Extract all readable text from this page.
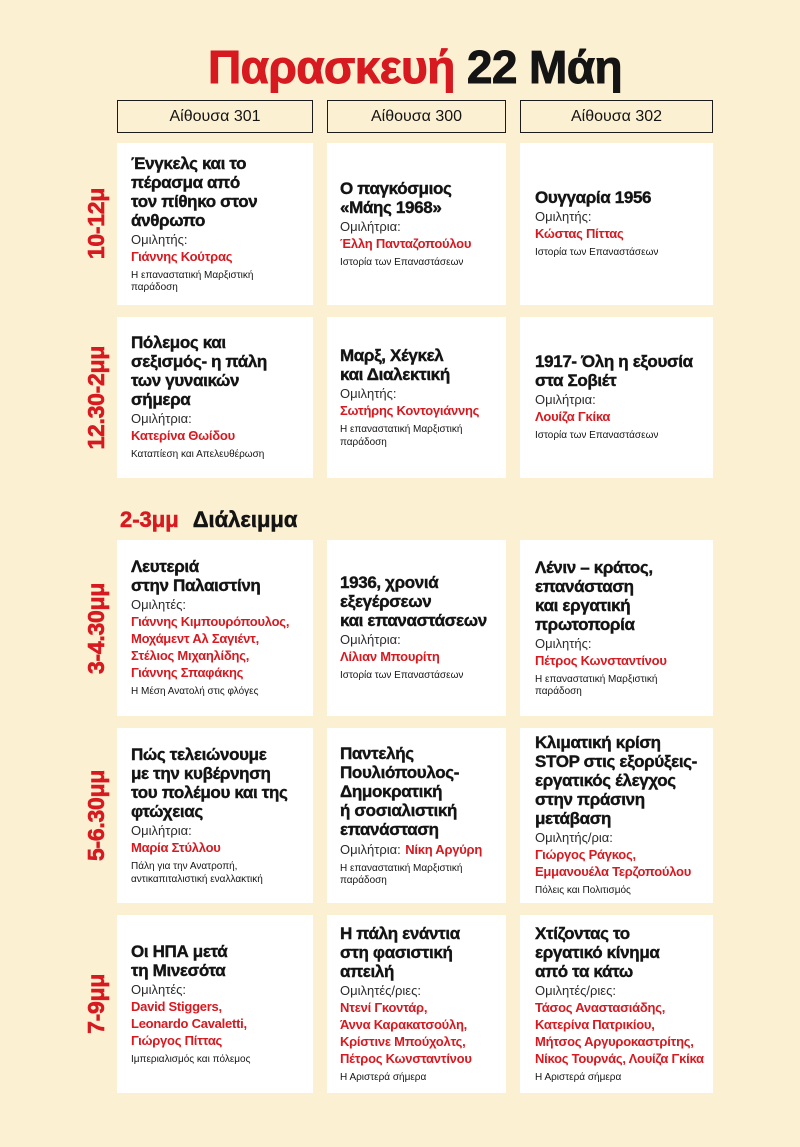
Παρασκευή 22 Μάη
Αίθουσα 301	Αίθουσα 300	Αίθουσα 302
10-12μ
Ένγκελς και το
πέρασμα από
τον πίθηκο στον
άνθρωπο
Ομιλητής:
Γιάννης Κούτρας
Η επαναστατική Μαρξιστική
παράδοση
Ο παγκόσμιος
«Μάης 1968»
Ομιλήτρια:
Έλλη Πανταζοπούλου
Ιστορία των Επαναστάσεων
Ουγγαρία 1956
Ομιλητής:
Κώστας Πίττας
Ιστορία των Επαναστάσεων
12.30-2μμ
Πόλεμος και
σεξισμός- η πάλη
των γυναικών
σήμερα
Ομιλήτρια:
Κατερίνα Θωίδου
Καταπίεση και Απελευθέρωση
Μαρξ, Χέγκελ
και Διαλεκτική
Ομιλητής:
Σωτήρης Κοντογιάννης
Η επαναστατική Μαρξιστική
παράδοση
1917- Όλη η εξουσία
στα Σοβιέτ
Ομιλήτρια:
Λουίζα Γκίκα
Ιστορία των Επαναστάσεων
3-4.30μμ
Λευτεριά
στην Παλαιστίνη
Ομιλητές:
Γιάννης Κιμπουρόπουλος,
Μοχάμεντ Αλ Σαγιέντ,
Στέλιος Μιχαηλίδης,
Γιάννης Σπαφάκης
Η Μέση Ανατολή στις φλόγες
1936, χρονιά
εξεγέρσεων
και επαναστάσεων
Ομιλήτρια:
Λίλιαν Μπουρίτη
Ιστορία των Επαναστάσεων
Λένιν – κράτος,
επανάσταση
και εργατική
πρωτοπορία
Ομιλητής:
Πέτρος Κωνσταντίνου
Η επαναστατική Μαρξιστική
παράδοση
5-6.30μμ
Πώς τελειώνουμε
με την κυβέρνηση
του πολέμου και της
φτώχειας
Ομιλήτρια:
Μαρία Στύλλου
Πάλη για την Ανατροπή,
αντικαπιταλιστική εναλλακτική
Παντελής
Πουλιόπουλος-
Δημοκρατική
ή σοσιαλιστική
επανάσταση
Ομιλήτρια: Νίκη Αργύρη
Η επαναστατική Μαρξιστική
παράδοση
Κλιματική κρίση
STOP στις εξορύξεις-
εργατικός έλεγχος
στην πράσινη
μετάβαση
Ομιλητής/ρια:
Γιώργος Ράγκος,
Εμμανουέλα Τερζοπούλου
Πόλεις και Πολιτισμός
7-9μμ
Οι ΗΠΑ μετά
τη Μινεσότα
Ομιλητές:
David Stiggers,
Leonardo Cavaletti,
Γιώργος Πίττας
Ιμπεριαλισμός και πόλεμος
Η πάλη ενάντια
στη φασιστική
απειλή
Ομιλητές/ριες:
Ντενί Γκοντάρ,
Άννα Καρακατσούλη,
Κρίστινε Μπούχολτς,
Πέτρος Κωνσταντίνου
Η Αριστερά σήμερα
Χτίζοντας το
εργατικό κίνημα
από τα κάτω
Ομιλητές/ριες:
Τάσος Αναστασιάδης,
Κατερίνα Πατρικίου,
Μήτσος Αργυροκαστρίτης,
Νίκος Τουρνάς, Λουίζα Γκίκα
Η Αριστερά σήμερα
2-3μμ Διάλειμμα
